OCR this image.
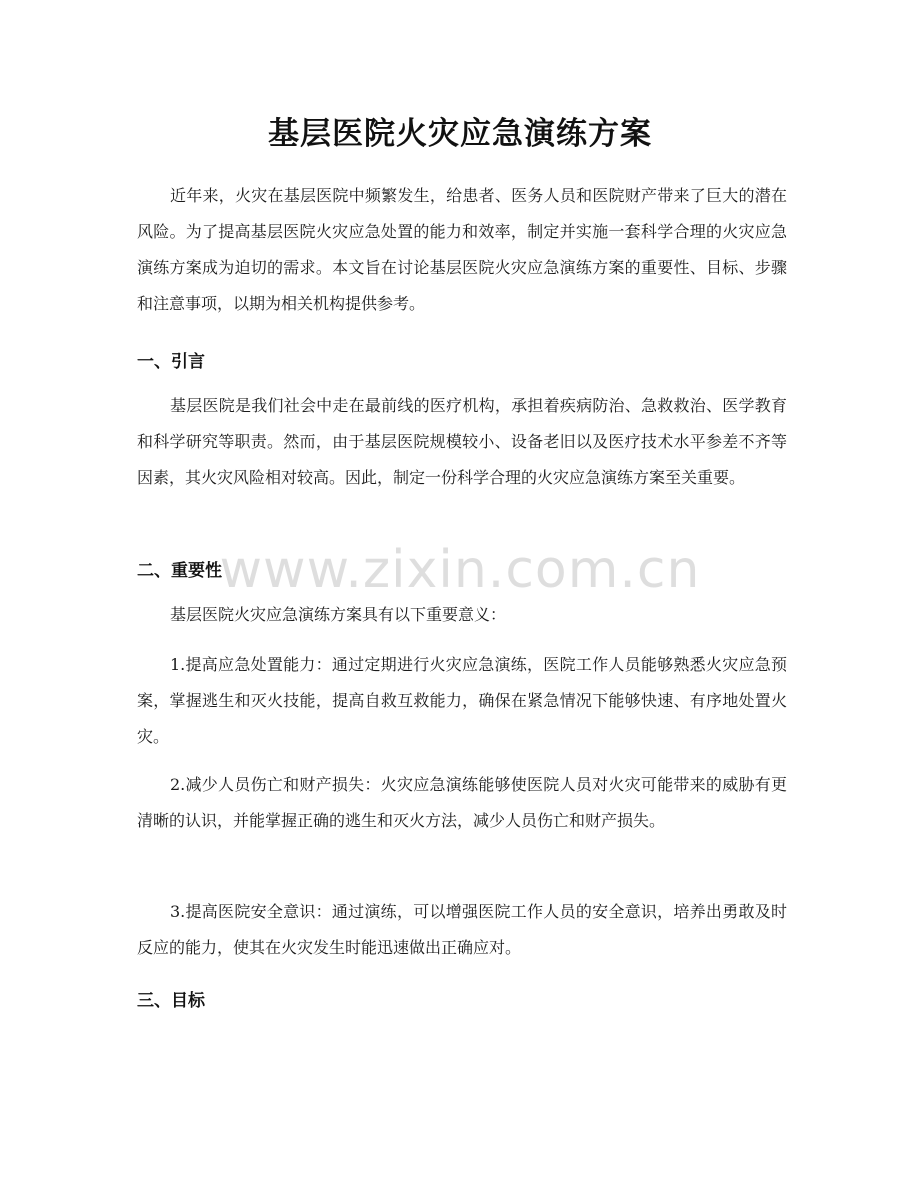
基层医院火灾应急演练方案
近年来，火灾在基层医院中频繁发生，给患者、医务人员和医院财产带来了巨大的潜在风险。为了提高基层医院火灾应急处置的能力和效率，制定并实施一套科学合理的火灾应急演练方案成为迫切的需求。本文旨在讨论基层医院火灾应急演练方案的重要性、目标、步骤和注意事项，以期为相关机构提供参考。
一、引言
基层医院是我们社会中走在最前线的医疗机构，承担着疾病防治、急救救治、医学教育和科学研究等职责。然而，由于基层医院规模较小、设备老旧以及医疗技术水平参差不齐等因素，其火灾风险相对较高。因此，制定一份科学合理的火灾应急演练方案至关重要。
二、重要性
基层医院火灾应急演练方案具有以下重要意义：
1.提高应急处置能力：通过定期进行火灾应急演练，医院工作人员能够熟悉火灾应急预案，掌握逃生和灭火技能，提高自救互救能力，确保在紧急情况下能够快速、有序地处置火灾。
2.减少人员伤亡和财产损失：火灾应急演练能够使医院人员对火灾可能带来的威胁有更清晰的认识，并能掌握正确的逃生和灭火方法，减少人员伤亡和财产损失。
3.提高医院安全意识：通过演练，可以增强医院工作人员的安全意识，培养出勇敢及时反应的能力，使其在火灾发生时能迅速做出正确应对。
三、目标
www.zixin.com.cn
